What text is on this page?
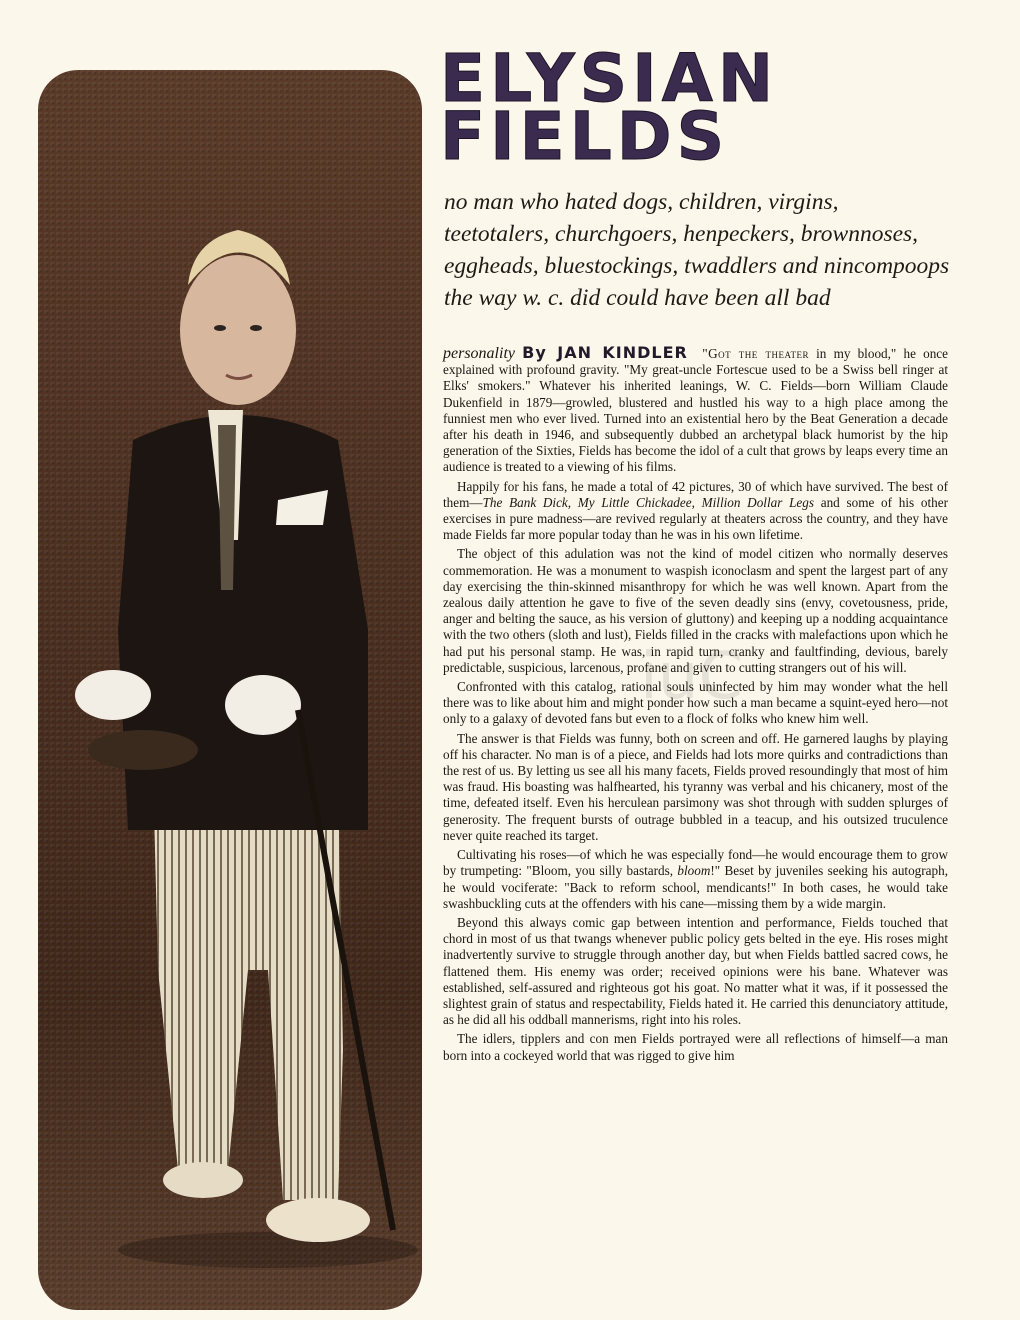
ELYSIAN
FIELDS
no man who hated dogs, children, virgins,
teetotalers, churchgoers, henpeckers, brownnoses,
eggheads, bluestockings, twaddlers and nincompoops
the way w. c. did could have been all bad

personality By JAN KINDLER "Got the theater in my blood," he once explained with profound gravity. "My great-uncle Fortescue used to be a Swiss bell ringer at Elks' smokers." Whatever his inherited leanings, W. C. Fields—born William Claude Dukenfield in 1879—growled, blustered and hustled his way to a high place among the funniest men who ever lived. Turned into an existential hero by the Beat Generation a decade after his death in 1946, and subsequently dubbed an archetypal black humorist by the hip generation of the Sixties, Fields has become the idol of a cult that grows by leaps every time an audience is treated to a viewing of his films.

Happily for his fans, he made a total of 42 pictures, 30 of which have survived. The best of them—The Bank Dick, My Little Chickadee, Million Dollar Legs and some of his other exercises in pure madness—are revived regularly at theaters across the country, and they have made Fields far more popular today than he was in his own lifetime.

The object of this adulation was not the kind of model citizen who normally deserves commemoration. He was a monument to waspish iconoclasm and spent the largest part of any day exercising the thin-skinned misanthropy for which he was well known. Apart from the zealous daily attention he gave to five of the seven deadly sins (envy, covetousness, pride, anger and belting the sauce, as his version of gluttony) and keeping up a nodding acquaintance with the two others (sloth and lust), Fields filled in the cracks with malefactions upon which he had put his personal stamp. He was, in rapid turn, cranky and faultfinding, devious, barely predictable, suspicious, larcenous, profane and given to cutting strangers out of his will.

Confronted with this catalog, rational souls uninfected by him may wonder what the hell there was to like about him and might ponder how such a man became a squint-eyed hero—not only to a galaxy of devoted fans but even to a flock of folks who knew him well.

The answer is that Fields was funny, both on screen and off. He garnered laughs by playing off his character. No man is of a piece, and Fields had lots more quirks and contradictions than the rest of us. By letting us see all his many facets, Fields proved resoundingly that most of him was fraud. His boasting was halfhearted, his tyranny was verbal and his chicanery, most of the time, defeated itself. Even his herculean parsimony was shot through with sudden splurges of generosity. The frequent bursts of outrage bubbled in a teacup, and his outsized truculence never quite reached its target.

Cultivating his roses—of which he was especially fond—he would encourage them to grow by trumpeting: "Bloom, you silly bastards, bloom!" Beset by juveniles seeking his autograph, he would vociferate: "Back to reform school, mendicants!" In both cases, he would take swashbuckling cuts at the offenders with his cane—missing them by a wide margin.

Beyond this always comic gap between intention and performance, Fields touched that chord in most of us that twangs whenever public policy gets belted in the eye. His roses might inadvertently survive to struggle through another day, but when Fields battled sacred cows, he flattened them. His enemy was order; received opinions were his bane. Whatever was established, self-assured and righteous got his goat. No matter what it was, if it possessed the slightest grain of status and respectability, Fields hated it. He carried this denunciatory attitude, as he did all his oddball mannerisms, right into his roles.

The idlers, tipplers and con men Fields portrayed were all reflections of himself—a man born into a cockeyed world that was rigged to give him

iuC
